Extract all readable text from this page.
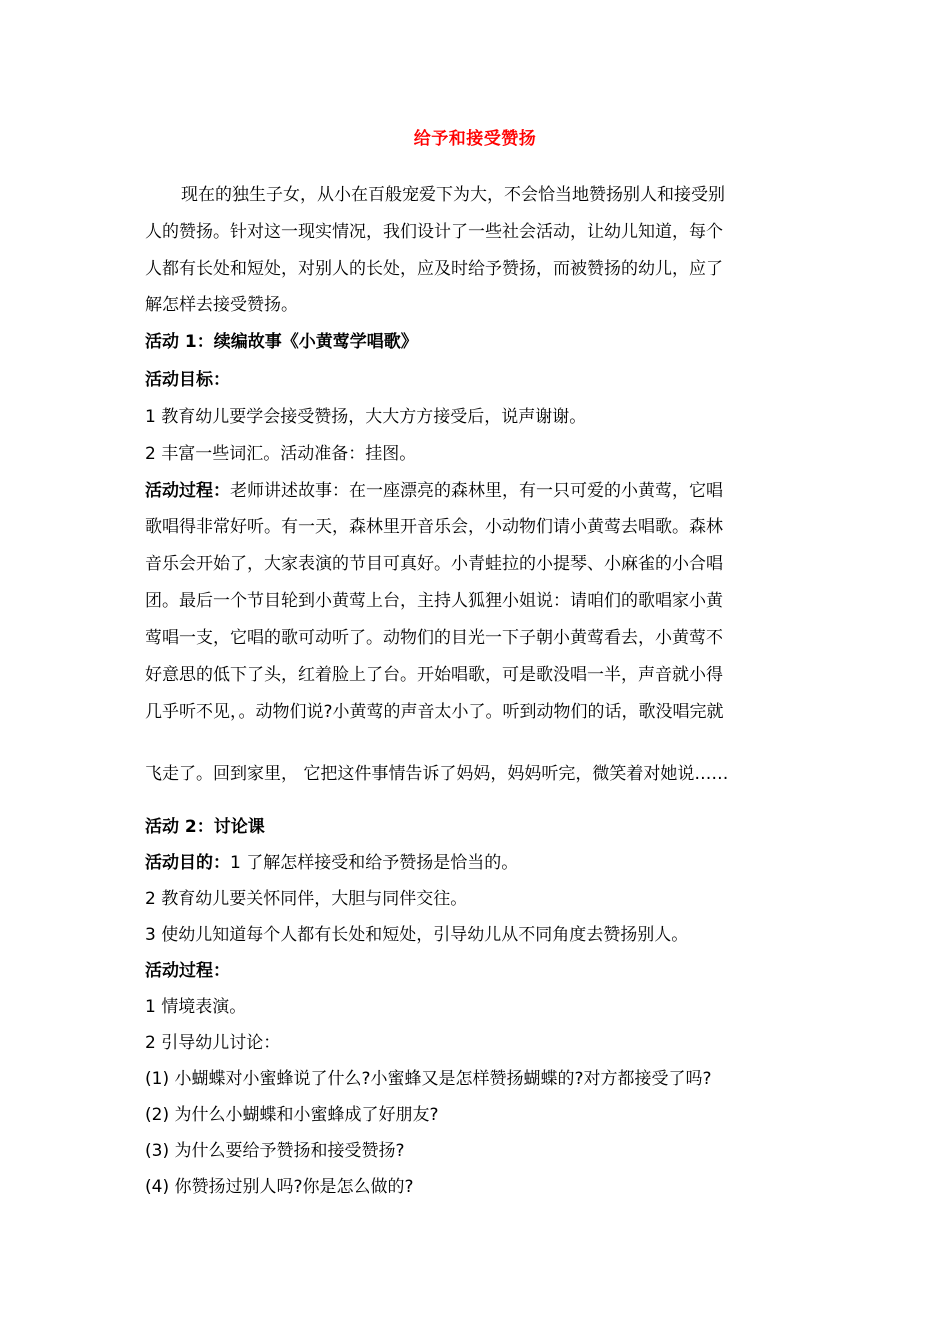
给予和接受赞扬
现在的独生子女，从小在百般宠爱下为大，不会恰当地赞扬别人和接受别
人的赞扬。针对这一现实情况，我们设计了一些社会活动，让幼儿知道，每个
人都有长处和短处，对别人的长处，应及时给予赞扬，而被赞扬的幼儿，应了
解怎样去接受赞扬。
活动 1：续编故事《小黄莺学唱歌》
活动目标：
1 教育幼儿要学会接受赞扬，大大方方接受后，说声谢谢。
2 丰富一些词汇。活动准备：挂图。
活动过程：老师讲述故事：在一座漂亮的森林里，有一只可爱的小黄莺，它唱
歌唱得非常好听。有一天，森林里开音乐会，小动物们请小黄莺去唱歌。森林
音乐会开始了，大家表演的节目可真好。小青蛙拉的小提琴、小麻雀的小合唱
团。最后一个节目轮到小黄莺上台，主持人狐狸小姐说：请咱们的歌唱家小黄
莺唱一支，它唱的歌可动听了。动物们的目光一下子朝小黄莺看去，小黄莺不
好意思的低下了头，红着脸上了台。开始唱歌，可是歌没唱一半，声音就小得
几乎听不见，。动物们说?小黄莺的声音太小了。听到动物们的话，歌没唱完就
飞走了。回到家里， 它把这件事情告诉了妈妈，妈妈听完，微笑着对她说……
活动 2：讨论课
活动目的：1 了解怎样接受和给予赞扬是恰当的。
2 教育幼儿要关怀同伴，大胆与同伴交往。
3 使幼儿知道每个人都有长处和短处，引导幼儿从不同角度去赞扬别人。
活动过程：
1 情境表演。
2 引导幼儿讨论：
(1) 小蝴蝶对小蜜蜂说了什么?小蜜蜂又是怎样赞扬蝴蝶的?对方都接受了吗?
(2) 为什么小蝴蝶和小蜜蜂成了好朋友?
(3) 为什么要给予赞扬和接受赞扬?
(4) 你赞扬过别人吗?你是怎么做的?
